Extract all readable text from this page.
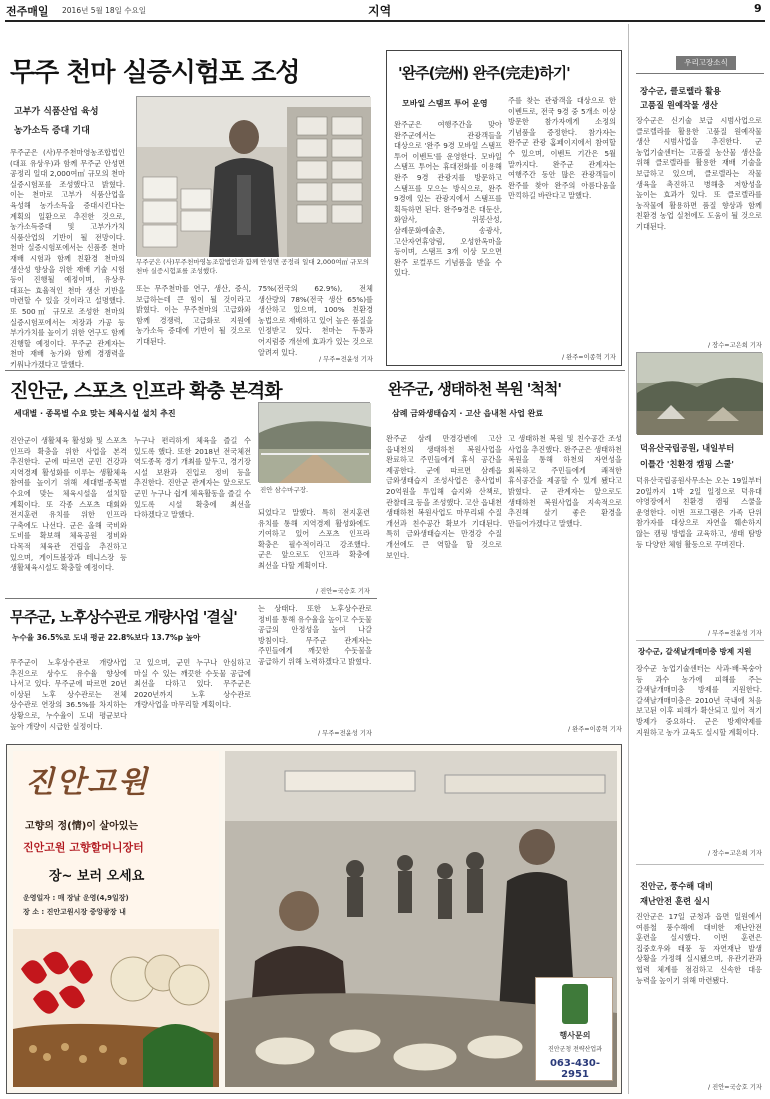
전주매일 2016년 5월 18일 수요일	지역	9
무주 천마 실증시험포 조성
고부가 식품산업 육성
농가소득 증대 기대
무주군은 (사)무주천마영농조합법인(대표 유상우)과 함께 무주군 안성면 공정리 일대 2,000여㎡ 규모의 천마 실증시험포를 조성했다고 밝혔다. 이는 천마로 고부가 식품산업을 육성해 농가소득을 증대시킨다는 계획의 일환으로 추진한 것으로, 농가소득증대 및 고부가가치 식품산업의 기반이 될 전망이다. 천마 실증시험포에서는 신품종 천마 재배 시험과 함께 친환경 천마의 생산성 향상을 위한 재배 기술 시험 등이 진행될 예정이며, 유상우 대표는 효율적인 천마 생산 기반을 마련할 수 있을 것이라고 설명했다. 또 500㎡ 규모로 조성한 천마의 실증시험포에서는 저장과 가공 등 부가가치를 높이기 위한 연구도 함께 진행할 예정이다. 무주군 관계자는 천마 재배 농가와 함께 경쟁력을 키워나가겠다고 말했다.
무주군은 (사)무주천마영농조합법인과 함께 안성면 공정리 일대 2,000여㎡ 규모의 천마 실증시험포를 조성했다.
또는 무주천마를 연구, 생산, 증식, 보급하는데 큰 힘이 될 것이라고 밝혔다. 이는 무주천마의 고급화와 함께 경쟁력, 고급화로 지원에 농가소득 증대에 기반이 될 것으로 기대된다.
75%(전국의 62.9%), 전체 생산량의 78%(전국 생산 65%)를 생산하고 있으며, 100% 친환경 농법으로 재배하고 있어 높은 품질을 인정받고 있다. 천마는 두통과 어지럼증 개선에 효과가 있는 것으로 알려져 있다.
/ 무주=전윤성 기자
'완주(完州) 완주(完走)하기'
모바일 스탬프 투어 운영
완주군은 여행주간을 맞아 완주군에서는 관광객들을 대상으로 '완주 9경 모바일 스탬프 투어 이벤트'를 운영한다. 모바일 스탬프 투어는 휴대전화를 이용해 완주 9경 관광지를 방문하고 스탬프를 모으는 방식으로, 완주 9경에 있는 관광지에서 스탬프를 획득하면 된다. 완주9경은 대둔산, 화암사, 위봉산성, 삼례문화예술촌, 송광사, 고산자연휴양림, 오성한옥마을 등이며, 스탬프 3개 이상 모으면 완주 로컬푸드 기념품을 받을 수 있다.
주를 찾는 관광객을 대상으로 한 이벤트로, 전국 9경 중 5개소 이상 방문한 참가자에게 소정의 기념품을 증정한다. 참가자는 완주군 관광 홈페이지에서 참여할 수 있으며, 이벤트 기간은 5월 말까지다. 완주군 관계자는 여행주간 동안 많은 관광객들이 완주를 찾아 완주의 아름다움을 만끽하길 바란다고 말했다.
/ 완주=이종혁 기자
우리고장소식
장수군, 클로렐라 활용
고품질 원예작물 생산
장수군은 신기술 보급 시범사업으로 클로렐라를 활용한 고품질 원예작물 생산 시범사업을 추진한다. 군 농업기술센터는 고품질 농산물 생산을 위해 클로렐라를 활용한 재배 기술을 보급하고 있으며, 클로렐라는 작물 생육을 촉진하고 병해충 저항성을 높이는 효과가 있다. 또 클로렐라를 농작물에 활용하면 품질 향상과 함께 친환경 농업 실천에도 도움이 될 것으로 기대된다.
/ 장수=고은희 기자
덕유산국립공원, 내일부터
이틀간 '친환경 캠핑 스쿨'
덕유산국립공원사무소는 오는 19일부터 20일까지 1박 2일 일정으로 덕유대 야영장에서 친환경 캠핑 스쿨을 운영한다. 이번 프로그램은 가족 단위 참가자를 대상으로 자연을 훼손하지 않는 캠핑 방법을 교육하고, 생태 탐방 등 다양한 체험 활동으로 꾸며진다.
/ 무주=전윤성 기자
장수군, 갈색날개매미충 방제 지원
장수군 농업기술센터는 사과·배·복숭아 등 과수 농가에 피해를 주는 갈색날개매미충 방제를 지원한다. 갈색날개매미충은 2010년 국내에 처음 보고된 이후 피해가 확산되고 있어 적기 방제가 중요하다. 군은 방제약제를 지원하고 농가 교육도 실시할 계획이다.
/ 장수=고은희 기자
진안군, 풍수해 대비
재난안전 훈련 실시
진안군은 17일 군청과 읍면 일원에서 여름철 풍수해에 대비한 재난안전 훈련을 실시했다. 이번 훈련은 집중호우와 태풍 등 자연재난 발생 상황을 가정해 실시됐으며, 유관기관과 협력 체계를 점검하고 신속한 대응 능력을 높이기 위해 마련됐다.
/ 진안=국승호 기자
진안군, 스포츠 인프라 확충 본격화
세대별 · 종목별 수요 맞는 체육시설 설치 추진
진안군이 생활체육 활성화 및 스포츠 인프라 확충을 위한 사업을 본격 추진한다. 군에 따르면 군민 건강과 지역경제 활성화를 이루는 생활체육 참여를 높이기 위해 세대별·종목별 수요에 맞는 체육시설을 설치할 계획이다. 또 각종 스포츠 대회와 전지훈련 유치를 위한 인프라 구축에도 나선다. 군은 올해 국비와 도비를 확보해 체육공원 정비와 다목적 체육관 건립을 추진하고 있으며, 게이트볼장과 테니스장 등 생활체육시설도 확충할 예정이다.
누구나 편리하게 체육을 즐길 수 있도록 했다. 또한 2018년 전국체전 역도종목 경기 개최를 앞두고, 경기장 시설 보완과 진입로 정비 등을 추진한다. 진안군 관계자는 앞으로도 군민 누구나 쉽게 체육활동을 즐길 수 있도록 시설 확충에 최선을 다하겠다고 말했다.
진안 삼수마구장.
되었다고 말했다. 특히 전지훈련 유치를 통해 지역경제 활성화에도 기여하고 있어 스포츠 인프라 확충은 필수적이라고 강조했다. 군은 앞으로도 인프라 확충에 최선을 다할 계획이다.
/ 진안=국승호 기자
완주군, 생태하천 복원 '척척'
삼례 금와생태습지 · 고산 읍내천 사업 완료
완주군 삼례 만경강변에 고산 읍내천의 생태하천 복원사업을 완료하고 주민들에게 휴식 공간을 제공한다. 군에 따르면 삼례읍 금와생태습지 조성사업은 총사업비 20억원을 투입해 습지와 산책로, 관찰데크 등을 조성했다. 고산 읍내천 생태하천 복원사업도 마무리돼 수질 개선과 친수공간 확보가 기대된다. 특히 금와생태습지는 만경강 수질 개선에도 큰 역할을 할 것으로 보인다.
고 생태하천 복원 및 친수공간 조성 사업을 추진했다. 완주군은 생태하천 복원을 통해 하천의 자연성을 회복하고 주민들에게 쾌적한 휴식공간을 제공할 수 있게 됐다고 밝혔다. 군 관계자는 앞으로도 생태하천 복원사업을 지속적으로 추진해 살기 좋은 환경을 만들어가겠다고 말했다.
/ 완주=이종혁 기자
무주군, 노후상수관로 개량사업 '결실'
누수율 36.5%로 도내 평균 22.8%보다 13.7%p 높아
무주군이 노후상수관로 개량사업 추진으로 상수도 유수율 향상에 나서고 있다. 무주군에 따르면 20년 이상된 노후 상수관로는 전체 상수관로 연장의 36.5%를 차지하는 상황으로, 누수율이 도내 평균보다 높아 개량이 시급한 실정이다.
고 있으며, 군민 누구나 안심하고 마실 수 있는 깨끗한 수돗물 공급에 최선을 다하고 있다. 무주군은 2020년까지 노후 상수관로 개량사업을 마무리할 계획이다.
는 상태다. 또한 노후상수관로 정비를 통해 유수율을 높이고 수돗물 공급의 안정성을 높여 나갈 방침이다. 무주군 관계자는 주민들에게 깨끗한 수돗물을 공급하기 위해 노력하겠다고 밝혔다.
/ 무주=전윤성 기자
진안고원
고향의 정(情)이 살아있는
진안고원 고향할머니장터
장~ 보러 오세요
운영일자 : 매 장날 운영(4,9일장)
장 소 : 진안고원시장 중앙광장 내
행사문의
진안군청 전략산업과
063-430-2951
